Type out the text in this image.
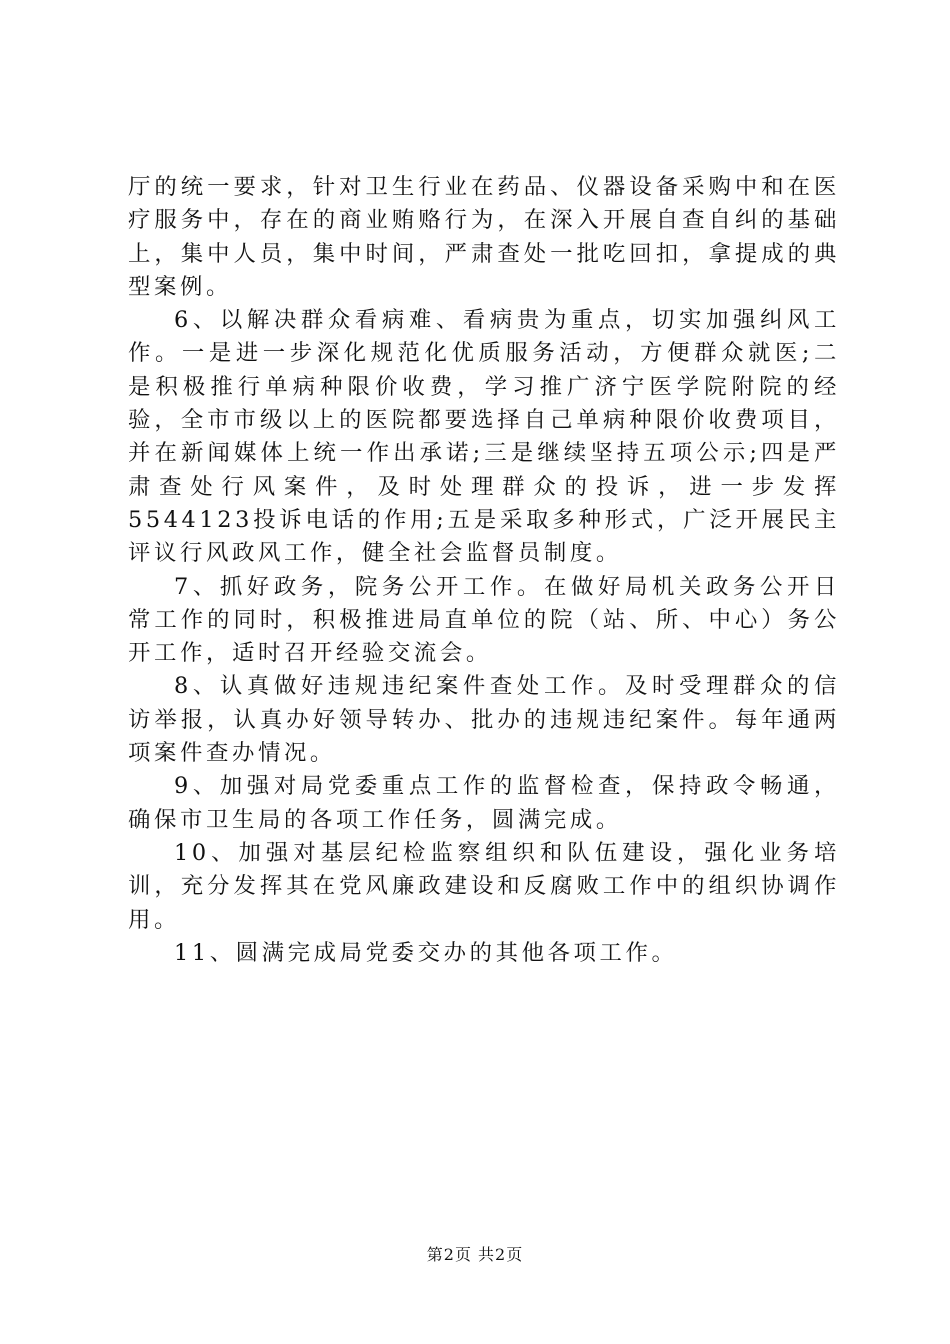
厅的统一要求，针对卫生行业在药品、仪器设备采购中和在医疗服务中，存在的商业贿赂行为，在深入开展自查自纠的基础上，集中人员，集中时间，严肃查处一批吃回扣，拿提成的典型案例。

6、以解决群众看病难、看病贵为重点，切实加强纠风工作。一是进一步深化规范化优质服务活动，方便群众就医;二是积极推行单病种限价收费，学习推广济宁医学院附院的经验，全市市级以上的医院都要选择自己单病种限价收费项目，并在新闻媒体上统一作出承诺;三是继续坚持五项公示;四是严肃查处行风案件，及时处理群众的投诉，进一步发挥5544123投诉电话的作用;五是采取多种形式，广泛开展民主评议行风政风工作，健全社会监督员制度。

7、抓好政务，院务公开工作。在做好局机关政务公开日常工作的同时，积极推进局直单位的院（站、所、中心）务公开工作，适时召开经验交流会。

8、认真做好违规违纪案件查处工作。及时受理群众的信访举报，认真办好领导转办、批办的违规违纪案件。每年通两项案件查办情况。

9、加强对局党委重点工作的监督检查，保持政令畅通，确保市卫生局的各项工作任务，圆满完成。

10、加强对基层纪检监察组织和队伍建设，强化业务培训，充分发挥其在党风廉政建设和反腐败工作中的组织协调作用。

11、圆满完成局党委交办的其他各项工作。

第2页 共2页
